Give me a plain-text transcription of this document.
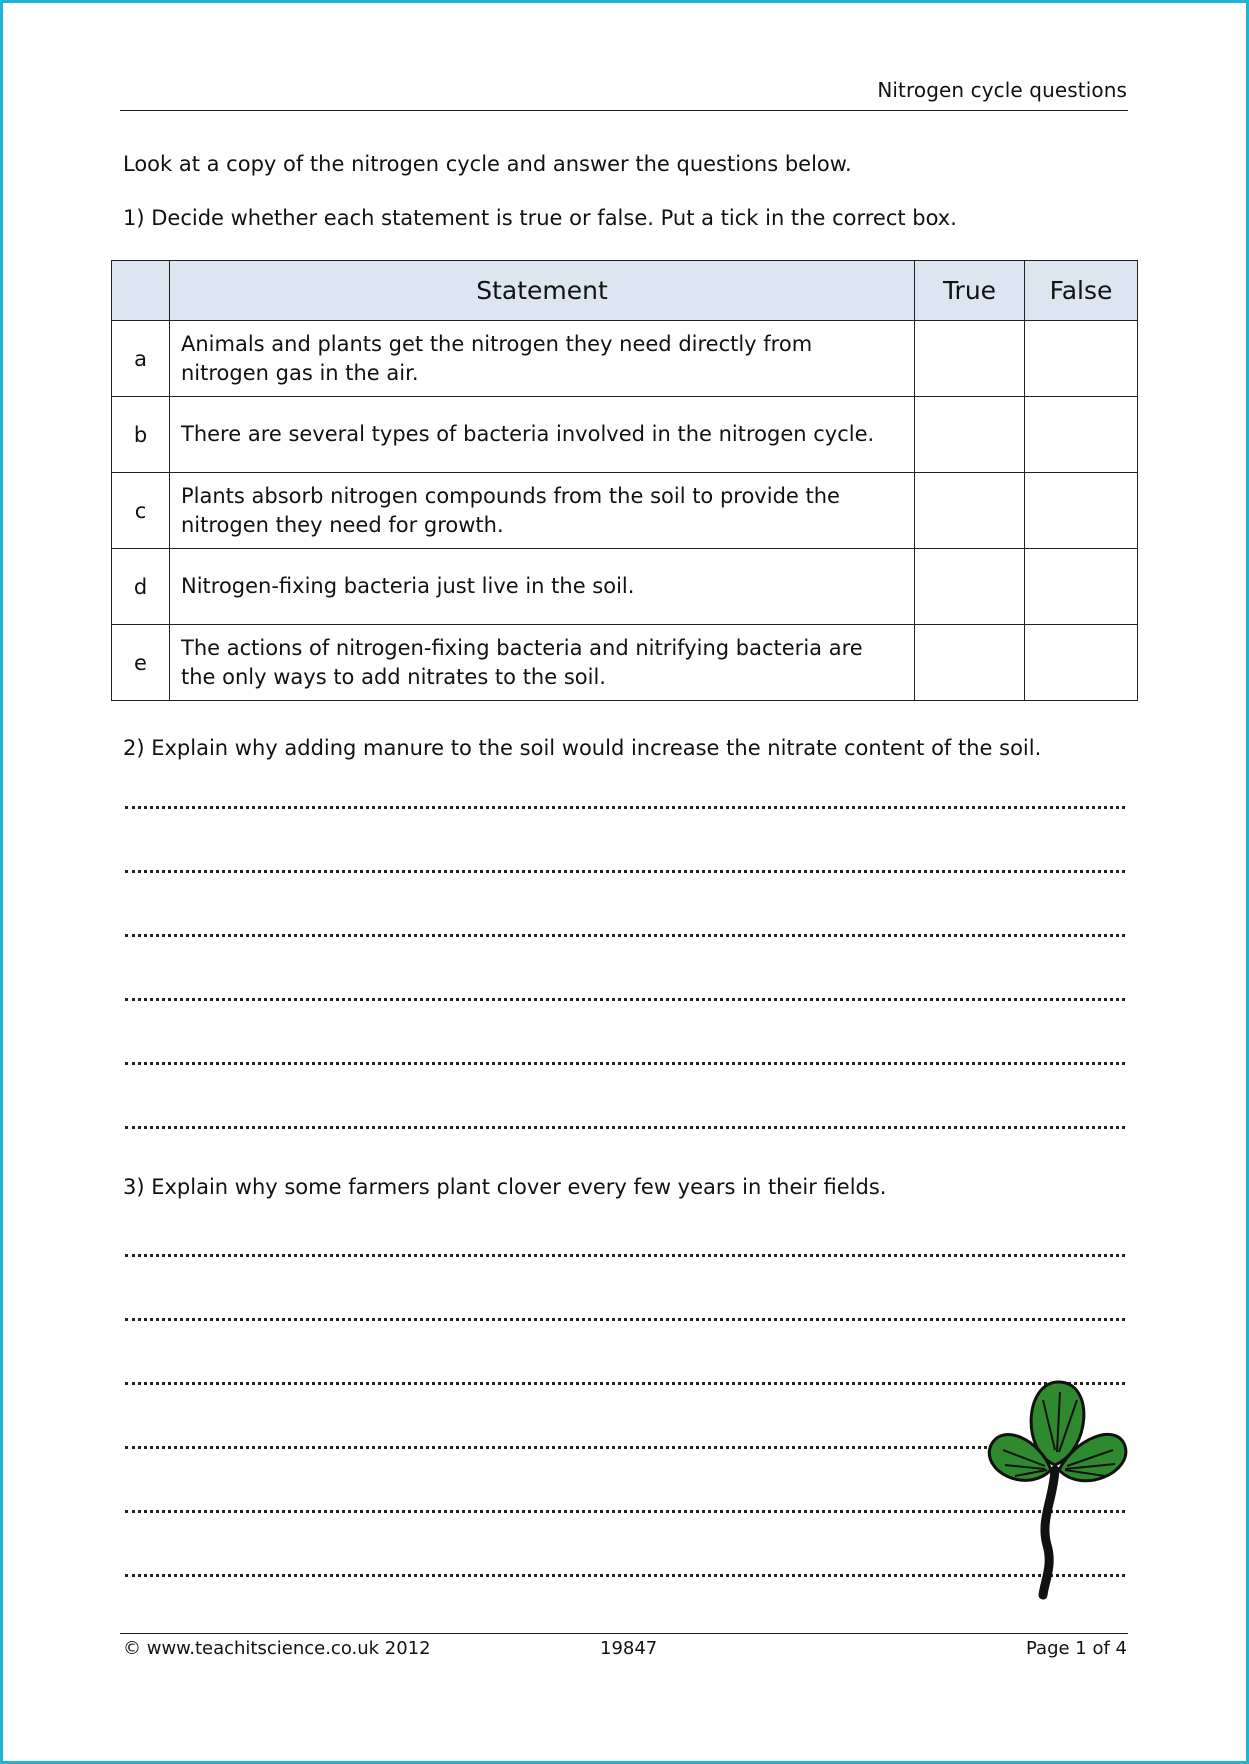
Nitrogen cycle questions
Look at a copy of the nitrogen cycle and answer the questions below.
1) Decide whether each statement is true or false. Put a tick in the correct box.
	Statement	True	False
a	Animals and plants get the nitrogen they need directly from nitrogen gas in the air.		
b	There are several types of bacteria involved in the nitrogen cycle.		
c	Plants absorb nitrogen compounds from the soil to provide the nitrogen they need for growth.		
d	Nitrogen-fixing bacteria just live in the soil.		
e	The actions of nitrogen-fixing bacteria and nitrifying bacteria are the only ways to add nitrates to the soil.		
2) Explain why adding manure to the soil would increase the nitrate content of the soil.
3) Explain why some farmers plant clover every few years in their fields.
© www.teachitscience.co.uk 2012	19847	Page 1 of 4
